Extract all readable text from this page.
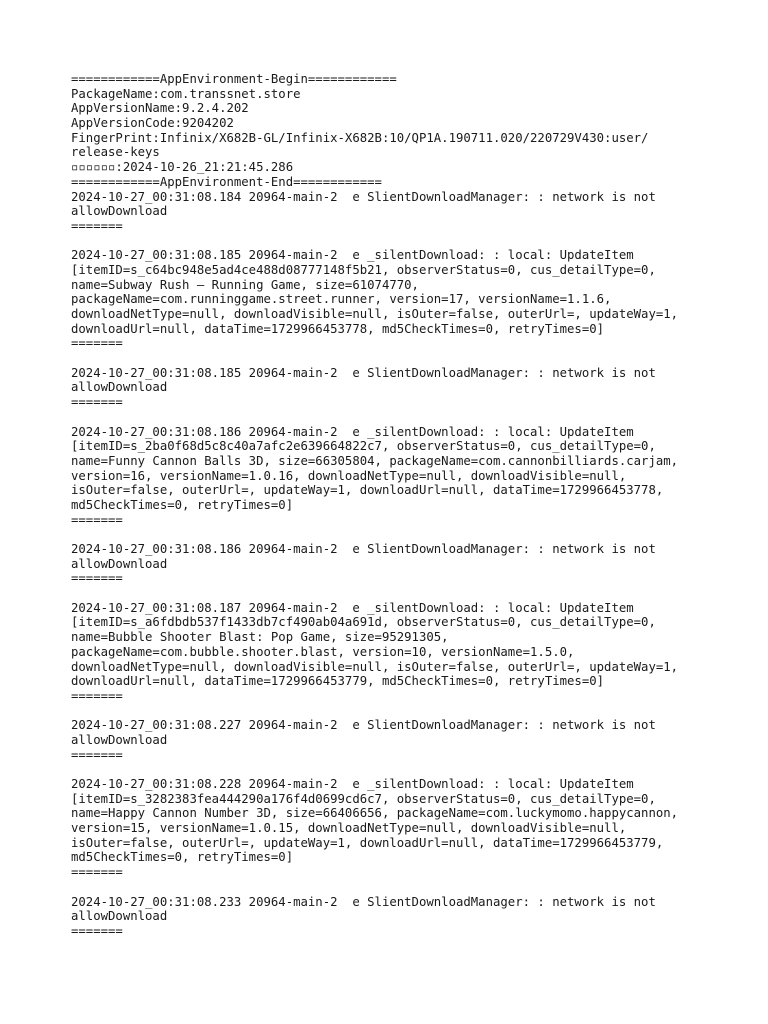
============AppEnvironment-Begin============
PackageName:com.transsnet.store
AppVersionName:9.2.4.202
AppVersionCode:9204202
FingerPrint:Infinix/X682B-GL/Infinix-X682B:10/QP1A.190711.020/220729V430:user/
release-keys
▫▫▫▫▫▫:2024-10-26_21:21:45.286
============AppEnvironment-End============
2024-10-27_00:31:08.184 20964-main-2  e SlientDownloadManager: : network is not
allowDownload
=======
2024-10-27_00:31:08.185 20964-main-2  e _silentDownload: : local: UpdateItem
[itemID=s_c64bc948e5ad4ce488d08777148f5b21, observerStatus=0, cus_detailType=0,
name=Subway Rush – Running Game, size=61074770,
packageName=com.runninggame.street.runner, version=17, versionName=1.1.6,
downloadNetType=null, downloadVisible=null, isOuter=false, outerUrl=, updateWay=1,
downloadUrl=null, dataTime=1729966453778, md5CheckTimes=0, retryTimes=0]
=======
2024-10-27_00:31:08.185 20964-main-2  e SlientDownloadManager: : network is not
allowDownload
=======
2024-10-27_00:31:08.186 20964-main-2  e _silentDownload: : local: UpdateItem
[itemID=s_2ba0f68d5c8c40a7afc2e639664822c7, observerStatus=0, cus_detailType=0,
name=Funny Cannon Balls 3D, size=66305804, packageName=com.cannonbilliards.carjam,
version=16, versionName=1.0.16, downloadNetType=null, downloadVisible=null,
isOuter=false, outerUrl=, updateWay=1, downloadUrl=null, dataTime=1729966453778,
md5CheckTimes=0, retryTimes=0]
=======
2024-10-27_00:31:08.186 20964-main-2  e SlientDownloadManager: : network is not
allowDownload
=======
2024-10-27_00:31:08.187 20964-main-2  e _silentDownload: : local: UpdateItem
[itemID=s_a6fdbdb537f1433db7cf490ab04a691d, observerStatus=0, cus_detailType=0,
name=Bubble Shooter Blast: Pop Game, size=95291305,
packageName=com.bubble.shooter.blast, version=10, versionName=1.5.0,
downloadNetType=null, downloadVisible=null, isOuter=false, outerUrl=, updateWay=1,
downloadUrl=null, dataTime=1729966453779, md5CheckTimes=0, retryTimes=0]
=======
2024-10-27_00:31:08.227 20964-main-2  e SlientDownloadManager: : network is not
allowDownload
=======
2024-10-27_00:31:08.228 20964-main-2  e _silentDownload: : local: UpdateItem
[itemID=s_3282383fea444290a176f4d0699cd6c7, observerStatus=0, cus_detailType=0,
name=Happy Cannon Number 3D, size=66406656, packageName=com.luckymomo.happycannon,
version=15, versionName=1.0.15, downloadNetType=null, downloadVisible=null,
isOuter=false, outerUrl=, updateWay=1, downloadUrl=null, dataTime=1729966453779,
md5CheckTimes=0, retryTimes=0]
=======
2024-10-27_00:31:08.233 20964-main-2  e SlientDownloadManager: : network is not
allowDownload
=======
